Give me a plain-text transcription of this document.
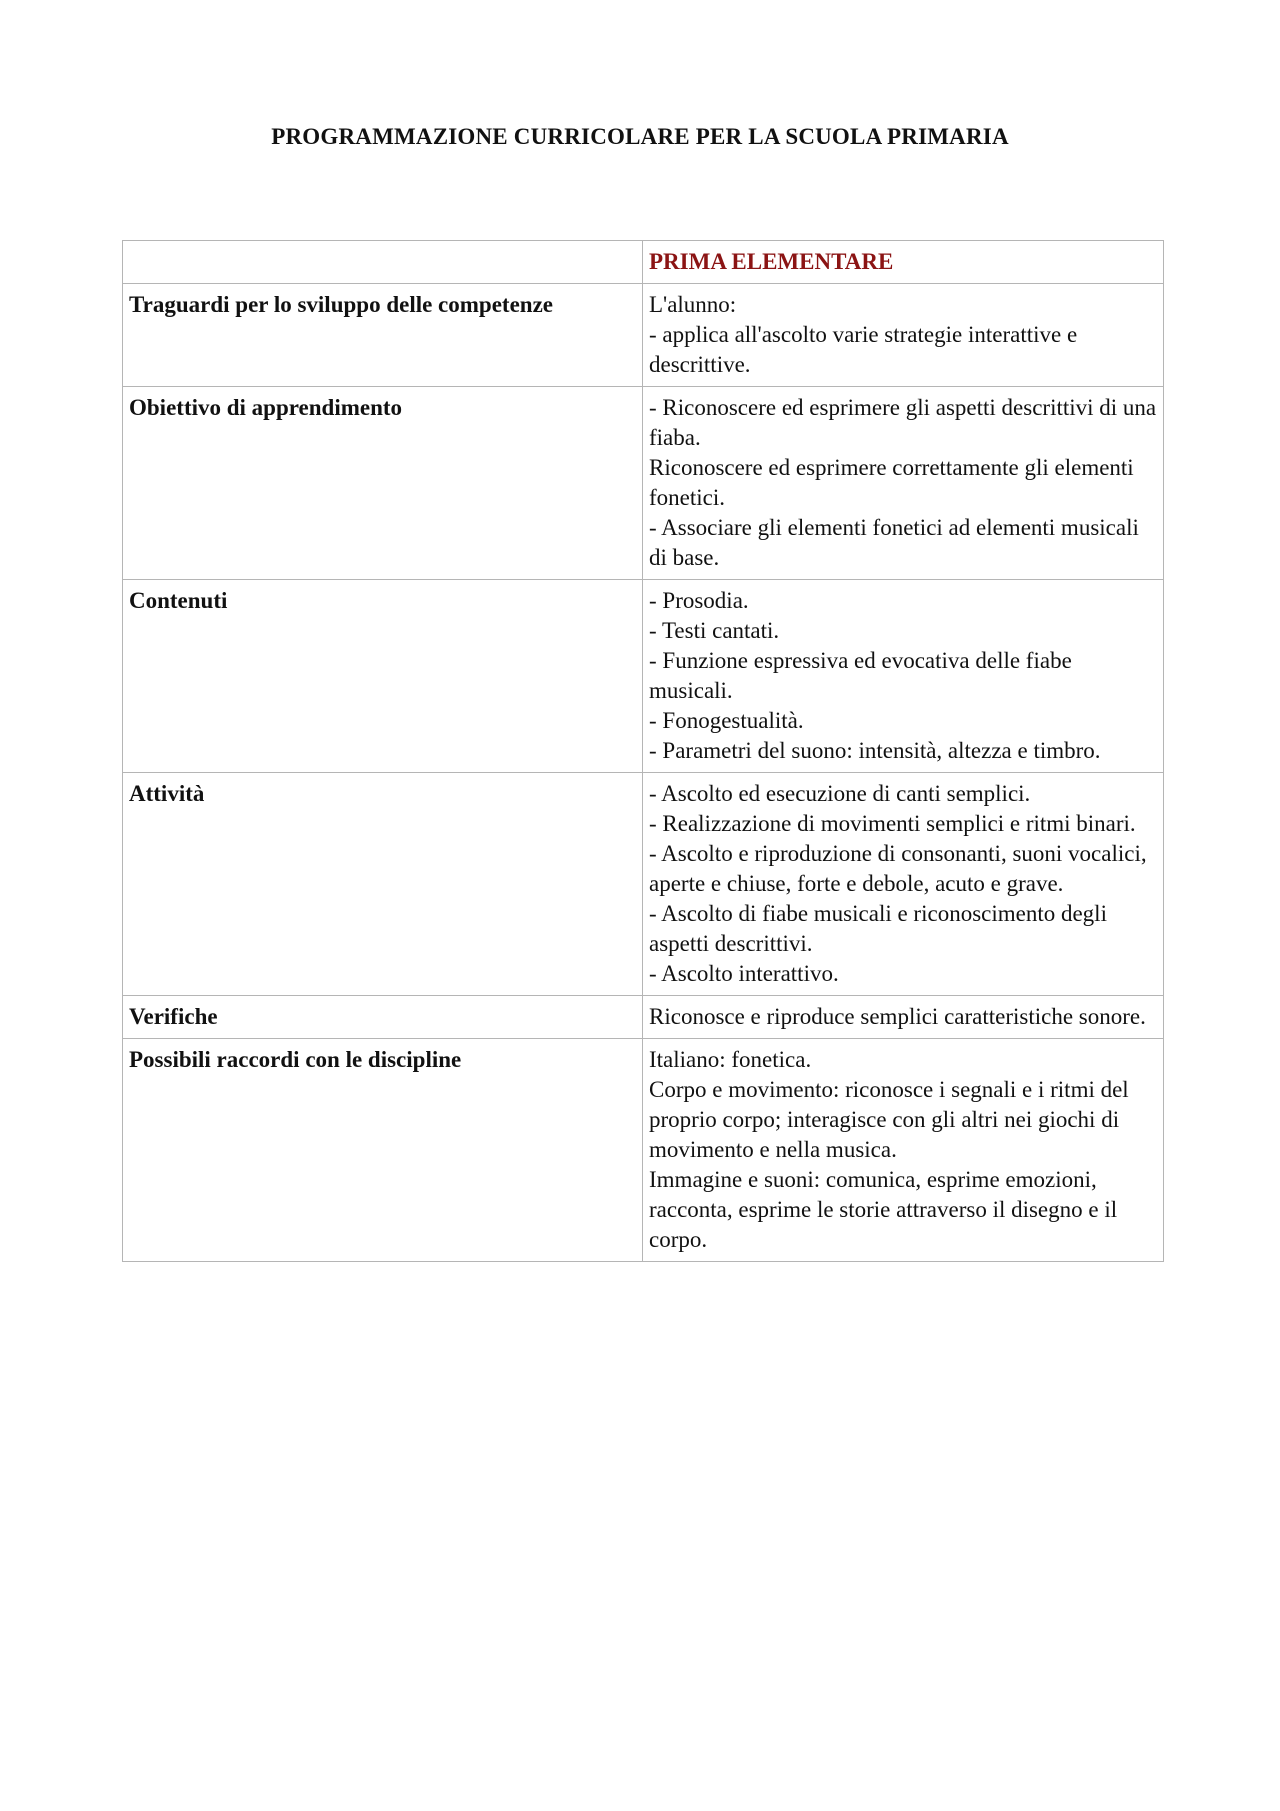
PROGRAMMAZIONE CURRICOLARE PER LA SCUOLA PRIMARIA
	PRIMA ELEMENTARE
Traguardi per lo sviluppo delle competenze	L'alunno:
- applica all'ascolto varie strategie interattive e descrittive.

Obiettivo di apprendimento	- Riconoscere ed esprimere gli aspetti descrittivi di una fiaba.
Riconoscere ed esprimere correttamente gli elementi fonetici.
- Associare gli elementi fonetici ad elementi musicali di base.

Contenuti	- Prosodia.
- Testi cantati.
- Funzione espressiva ed evocativa delle fiabe musicali.
- Fonogestualità.
- Parametri del suono: intensità, altezza e timbro.

Attività	- Ascolto ed esecuzione di canti semplici.
- Realizzazione di movimenti semplici e ritmi binari.
- Ascolto e riproduzione di consonanti, suoni vocalici, aperte e chiuse, forte e debole, acuto e grave.
- Ascolto di fiabe musicali e riconoscimento degli aspetti descrittivi.
- Ascolto interattivo.

Verifiche	Riconosce e riproduce semplici caratteristiche sonore.

Possibili raccordi con le discipline	Italiano: fonetica.
Corpo e movimento: riconosce i segnali e i ritmi del proprio corpo; interagisce con gli altri nei giochi di movimento e nella musica.
Immagine e suoni: comunica, esprime emozioni, racconta, esprime le storie attraverso il disegno e il corpo.
